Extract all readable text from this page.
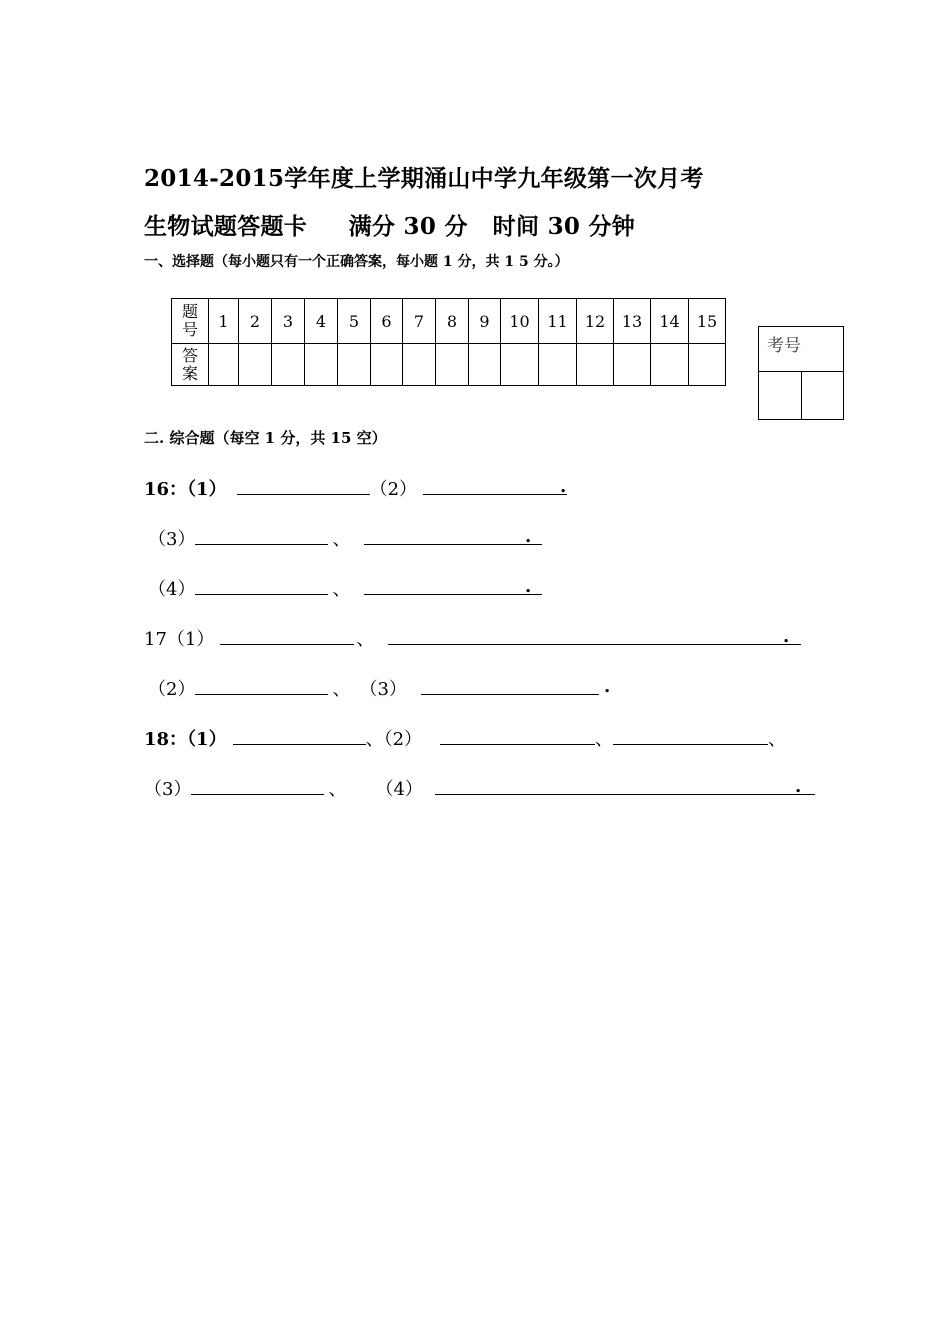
2014-2015学年度上学期涌山中学九年级第一次月考
生物试题答题卡     满分 30 分   时间 30 分钟
一、选择题（每小题只有一个正确答案，每小题 1 分，共 1 5 分。）
题号	1	2	3	4	5	6	7	8	9	10	11	12	13	14	15

答案															

考号
二. 综合题（每空 1 分，共 15 空）
16：（1）	（2）	.
（3）	、	.
（4）	、	.
17（1）	、	.
（2）	、 （3）	.
18：（1）	、（2）	、	、
（3）	、 （4）	.
